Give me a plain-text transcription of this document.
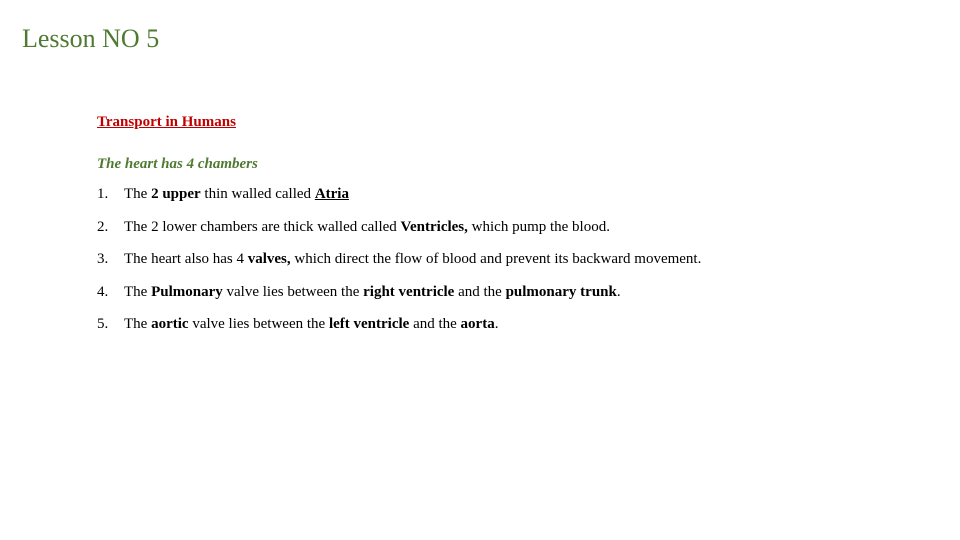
Lesson NO 5
Transport in Humans
The heart has 4 chambers
1. The 2 upper thin walled called Atria
2. The 2 lower chambers are thick walled called Ventricles, which pump the blood.
3. The heart also has 4 valves, which direct the flow of blood and prevent its backward movement.
4. The Pulmonary valve lies between the right ventricle and the pulmonary trunk.
5. The aortic valve lies between the left ventricle and the aorta.
